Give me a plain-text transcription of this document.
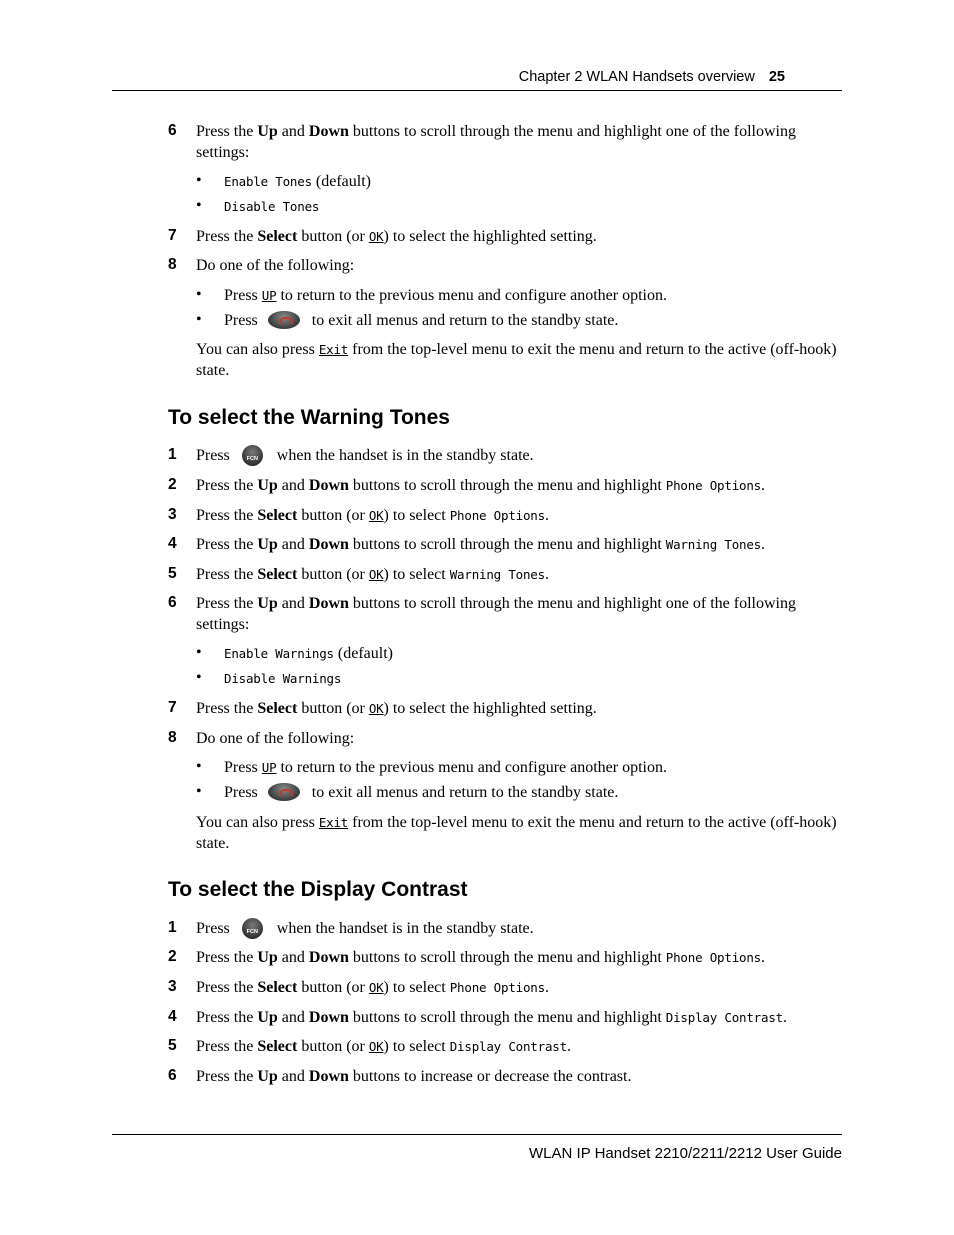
Chapter 2 WLAN Handsets overview 25
6 Press the Up and Down buttons to scroll through the menu and highlight one of the following settings:
• Enable Tones (default)
• Disable Tones
7 Press the Select button (or OK) to select the highlighted setting.
8 Do one of the following:
• Press UP to return to the previous menu and configure another option.
• Press	to exit all menus and return to the standby state.
You can also press Exit from the top-level menu to exit the menu and return to the active (off-hook) state.
To select the Warning Tones
1 Press	FCN when the handset is in the standby state.
2 Press the Up and Down buttons to scroll through the menu and highlight Phone Options.
3 Press the Select button (or OK) to select Phone Options.
4 Press the Up and Down buttons to scroll through the menu and highlight Warning Tones.
5 Press the Select button (or OK) to select Warning Tones.
6 Press the Up and Down buttons to scroll through the menu and highlight one of the following settings:
• Enable Warnings (default)
• Disable Warnings
7 Press the Select button (or OK) to select the highlighted setting.
8 Do one of the following:
• Press UP to return to the previous menu and configure another option.
• Press	to exit all menus and return to the standby state.
You can also press Exit from the top-level menu to exit the menu and return to the active (off-hook) state.
To select the Display Contrast
1 Press	FCN when the handset is in the standby state.
2 Press the Up and Down buttons to scroll through the menu and highlight Phone Options.
3 Press the Select button (or OK) to select Phone Options.
4 Press the Up and Down buttons to scroll through the menu and highlight Display Contrast.
5 Press the Select button (or OK) to select Display Contrast.
6 Press the Up and Down buttons to increase or decrease the contrast.
WLAN IP Handset 2210/2211/2212 User Guide
